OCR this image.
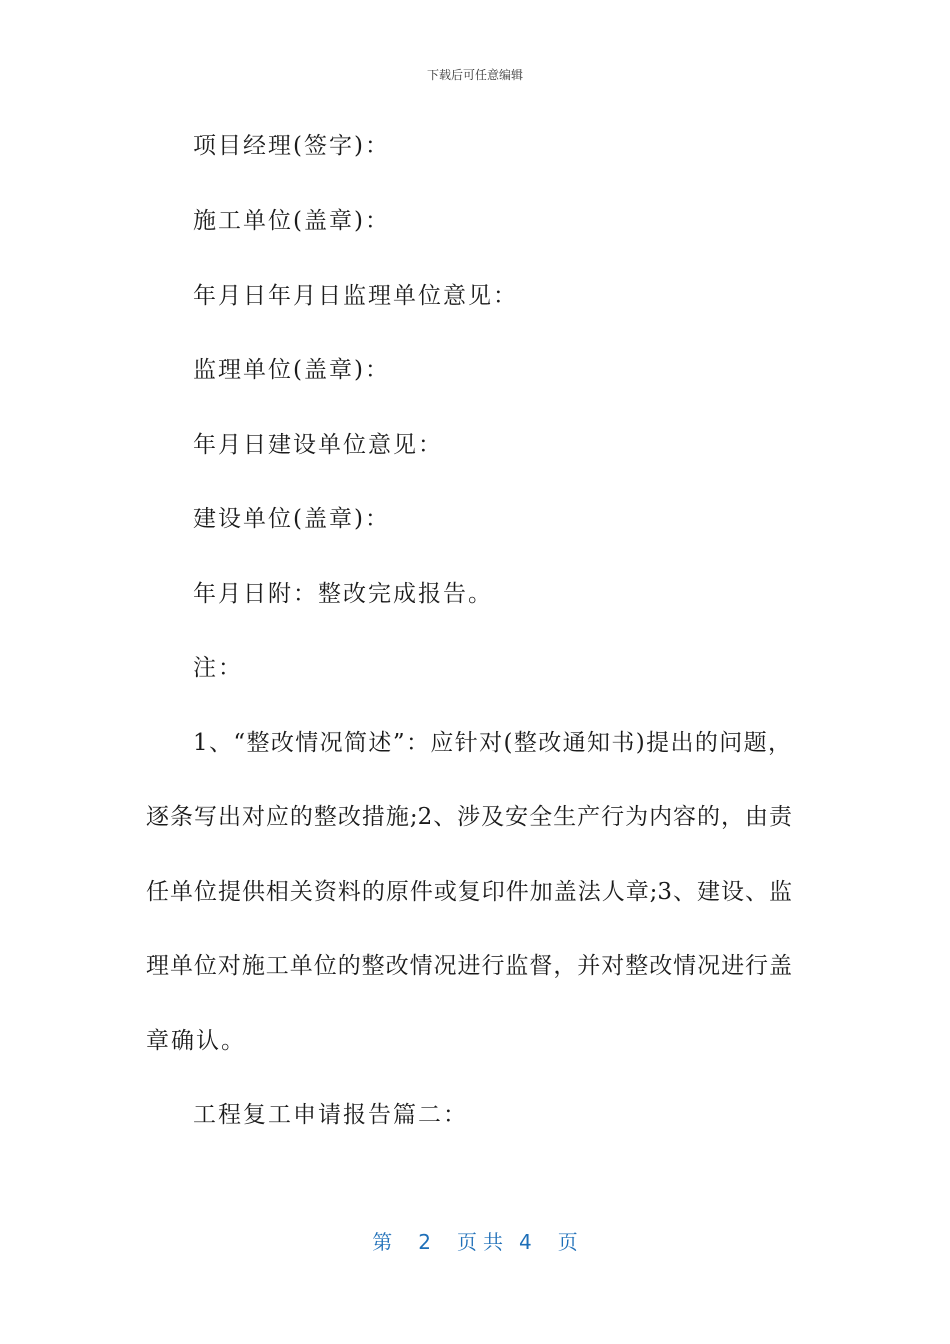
下载后可任意编辑
项目经理(签字)：
施工单位(盖章)：
年月日年月日监理单位意见：
监理单位(盖章)：
年月日建设单位意见：
建设单位(盖章)：
年月日附：整改完成报告。
注：
1、“整改情况简述”：应针对(整改通知书)提出的问题，
逐条写出对应的整改措施;2、涉及安全生产行为内容的，由责
任单位提供相关资料的原件或复印件加盖法人章;3、建设、监
理单位对施工单位的整改情况进行监督，并对整改情况进行盖
章确认。
工程复工申请报告篇二：
第 2 页共 4 页
